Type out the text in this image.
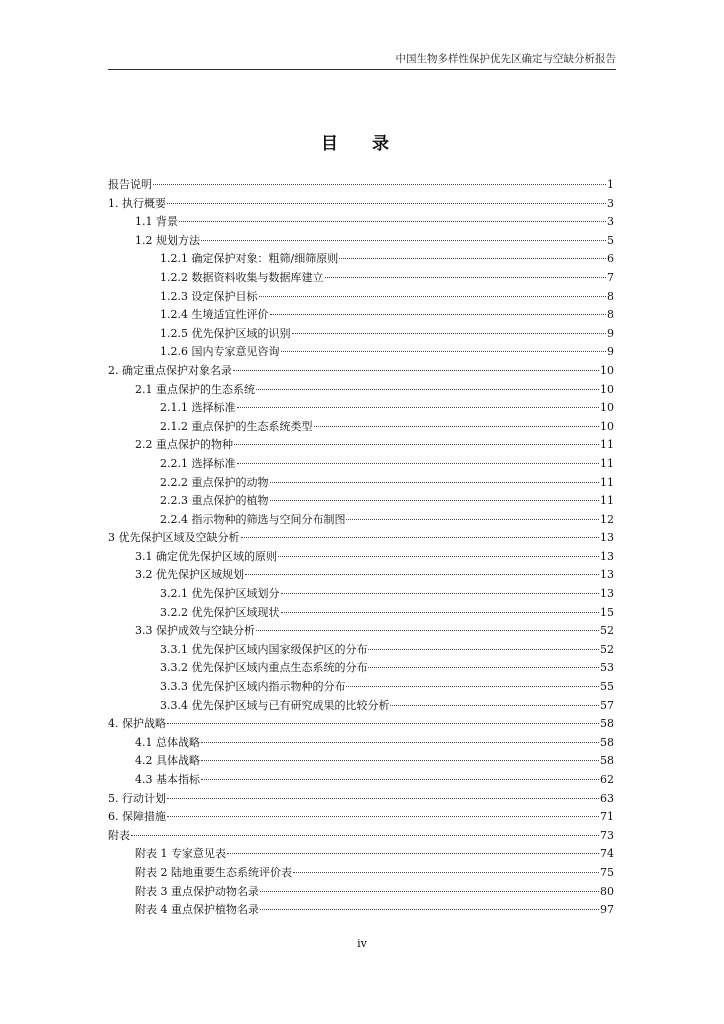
中国生物多样性保护优先区确定与空缺分析报告
目 录
报告说明	1
1. 执行概要	3
1.1 背景	3
1.2 规划方法	5
1.2.1 确定保护对象：粗筛/细筛原则	6
1.2.2 数据资料收集与数据库建立	7
1.2.3 设定保护目标	8
1.2.4 生境适宜性评价	8
1.2.5 优先保护区域的识别	9
1.2.6 国内专家意见咨询	9
2. 确定重点保护对象名录	10
2.1 重点保护的生态系统	10
2.1.1 选择标准	10
2.1.2 重点保护的生态系统类型	10
2.2 重点保护的物种	11
2.2.1 选择标准	11
2.2.2 重点保护的动物	11
2.2.3 重点保护的植物	11
2.2.4 指示物种的筛选与空间分布制图	12
3 优先保护区域及空缺分析	13
3.1 确定优先保护区域的原则	13
3.2 优先保护区域规划	13
3.2.1 优先保护区域划分	13
3.2.2 优先保护区域现状	15
3.3 保护成效与空缺分析	52
3.3.1 优先保护区域内国家级保护区的分布	52
3.3.2 优先保护区域内重点生态系统的分布	53
3.3.3 优先保护区域内指示物种的分布	55
3.3.4 优先保护区域与已有研究成果的比较分析	57
4. 保护战略	58
4.1 总体战略	58
4.2 具体战略	58
4.3 基本指标	62
5. 行动计划	63
6. 保障措施	71
附表	73
附表 1 专家意见表	74
附表 2 陆地重要生态系统评价表	75
附表 3 重点保护动物名录	80
附表 4 重点保护植物名录	97
iv
